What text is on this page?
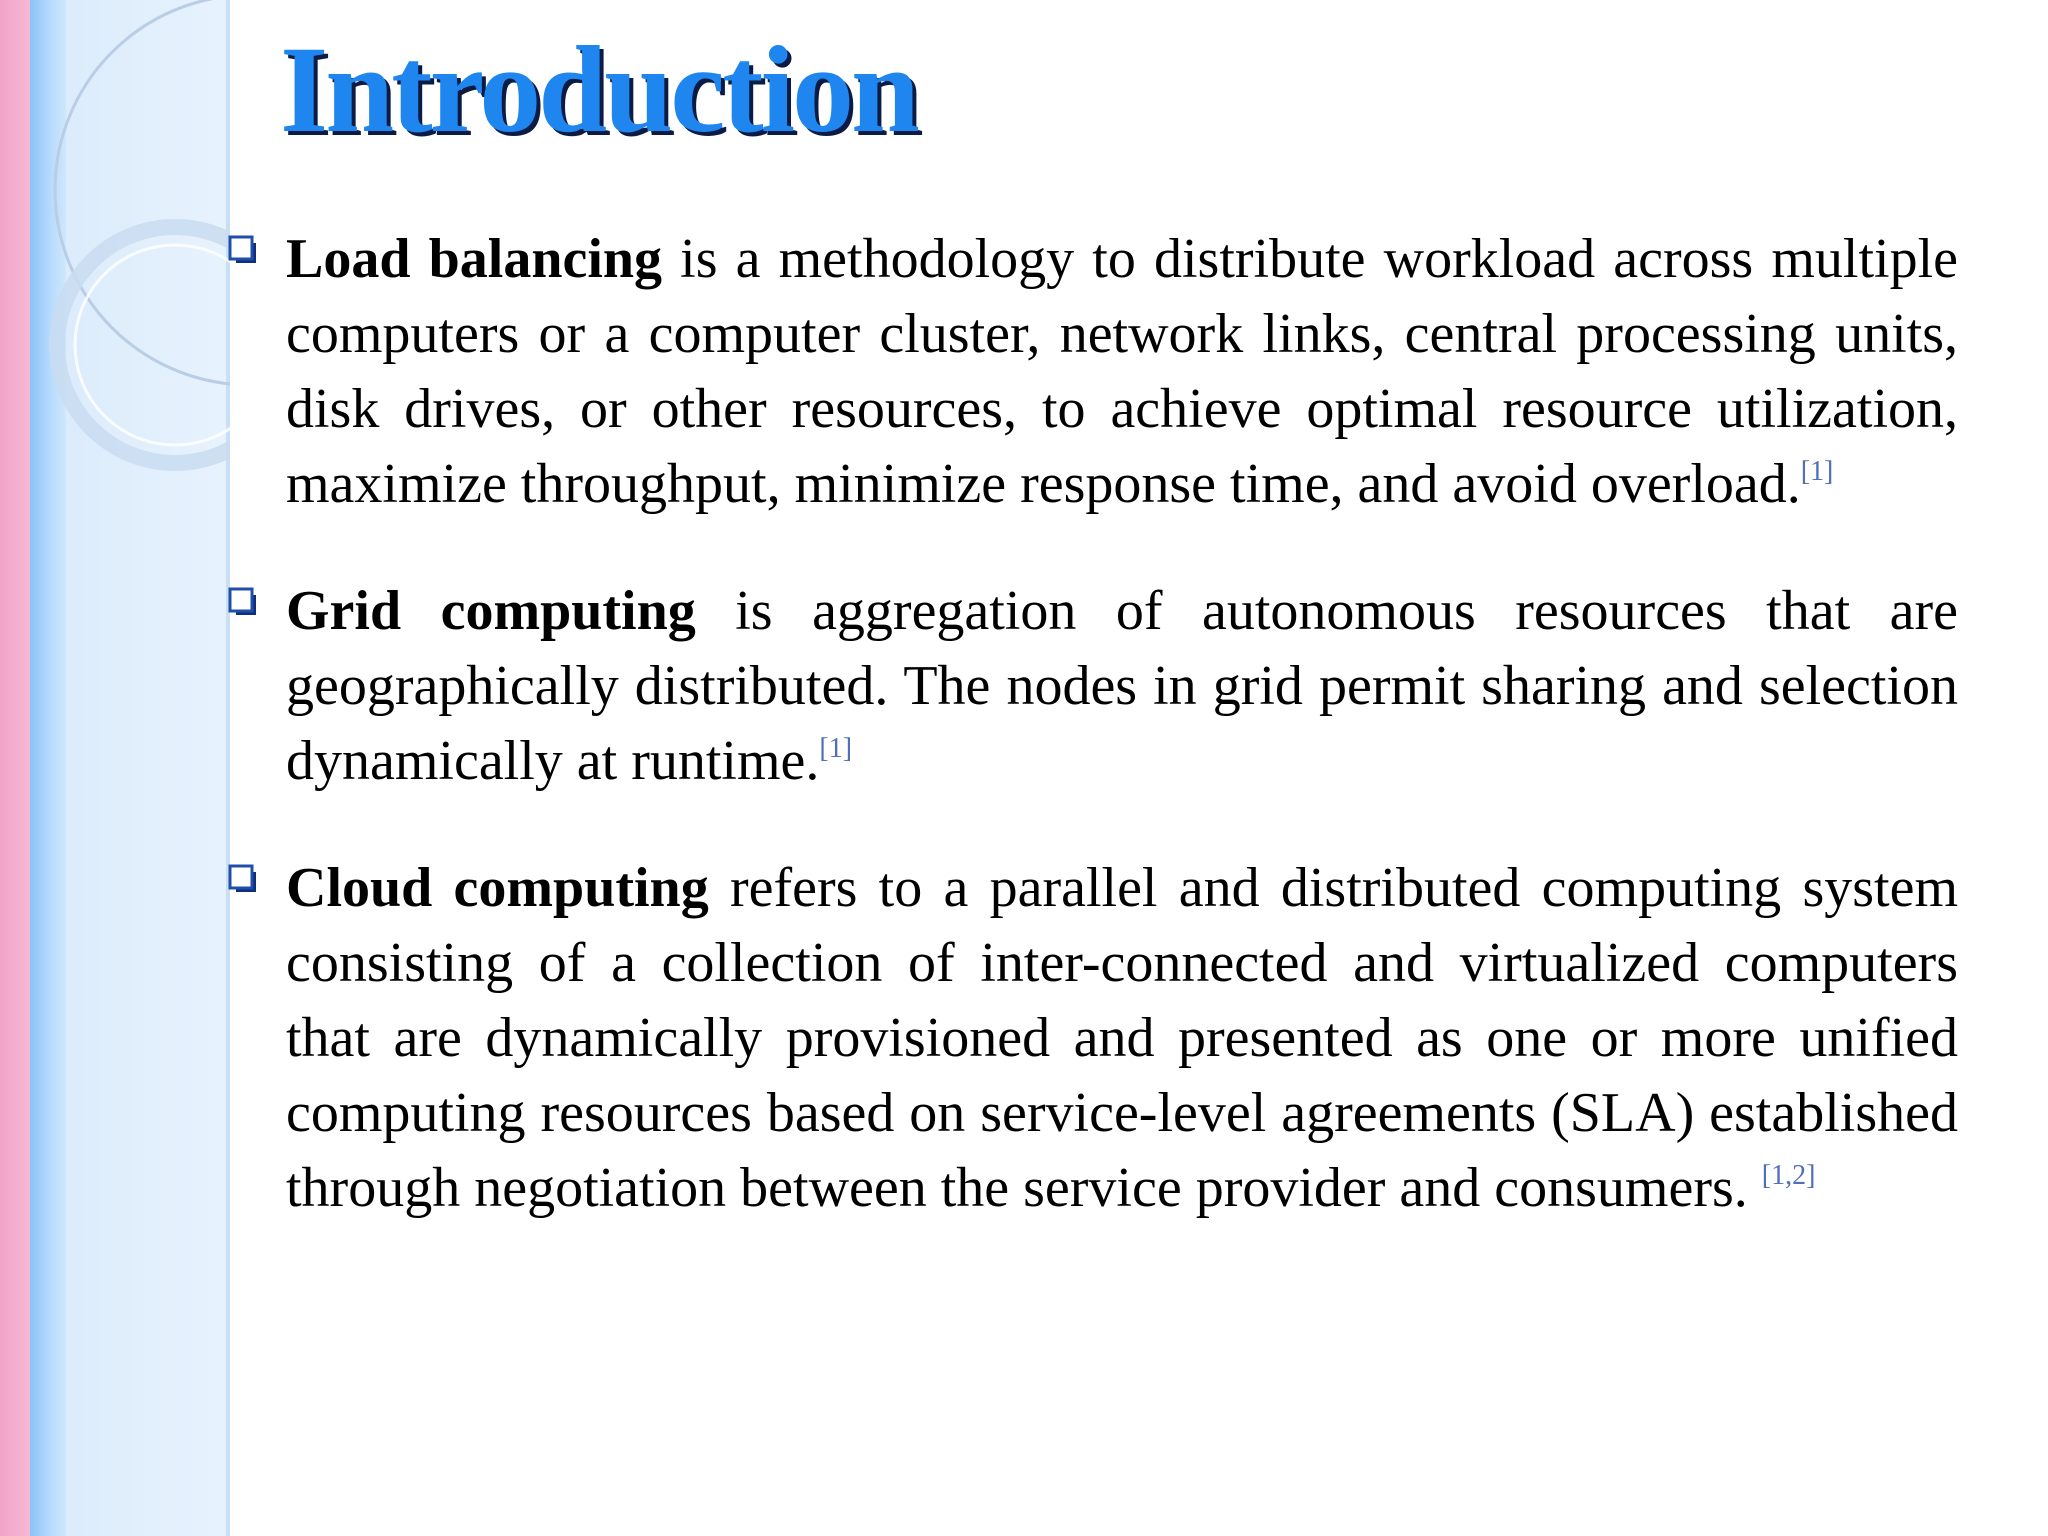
Introduction

Load balancing is a methodology to distribute workload across multiple computers or a computer cluster, network links, central processing units, disk drives, or other resources, to achieve optimal resource utilization, maximize throughput, minimize response time, and avoid overload.[1]

Grid computing is aggregation of autonomous resources that are geographically distributed. The nodes in grid permit sharing and selection dynamically at runtime.[1]

Cloud computing refers to a parallel and distributed computing system consisting of a collection of inter-connected and virtualized computers that are dynamically provisioned and presented as one or more unified computing resources based on service-level agreements (SLA) established through negotiation between the service provider and consumers. [1,2]
